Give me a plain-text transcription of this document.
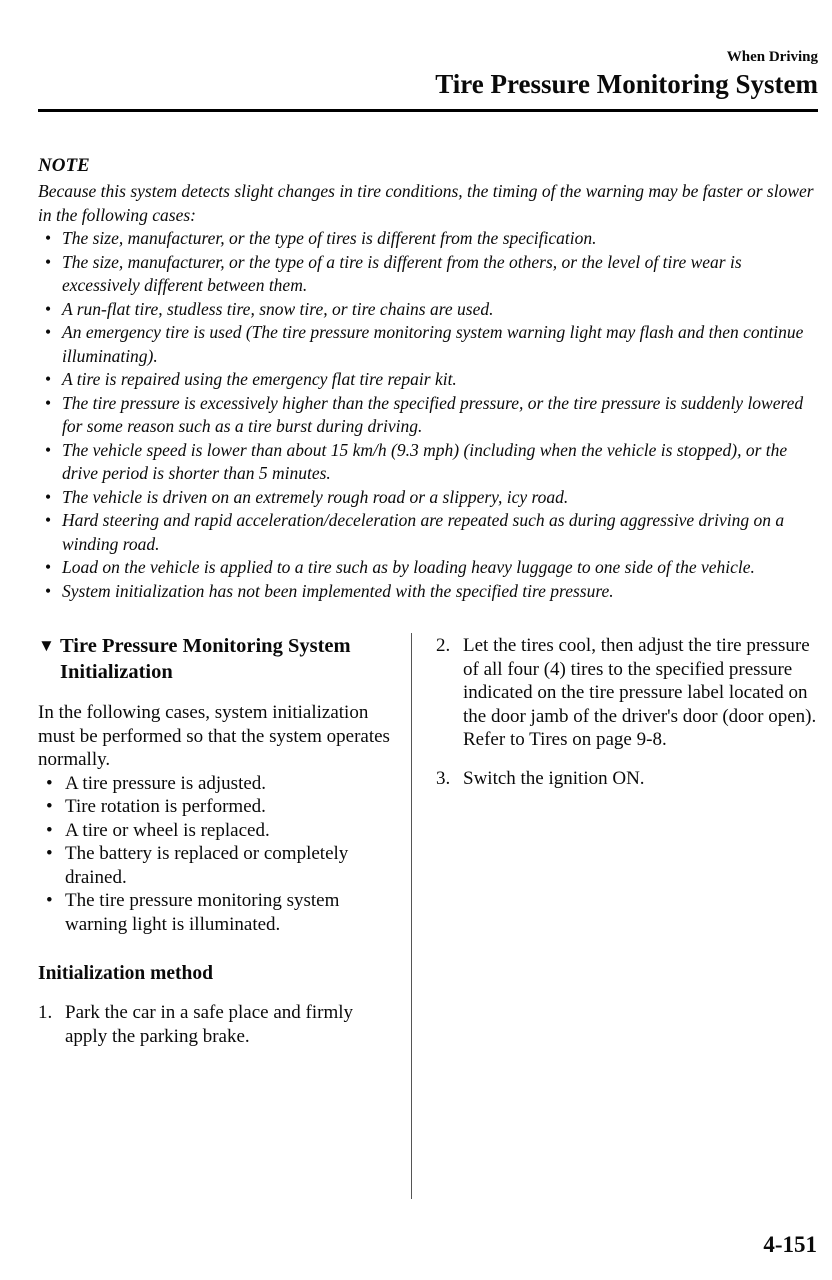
When Driving
Tire Pressure Monitoring System
NOTE
Because this system detects slight changes in tire conditions, the timing of the warning may be faster or slower in the following cases:
• The size, manufacturer, or the type of tires is different from the specification.
• The size, manufacturer, or the type of a tire is different from the others, or the level of tire wear is excessively different between them.
• A run-flat tire, studless tire, snow tire, or tire chains are used.
• An emergency tire is used (The tire pressure monitoring system warning light may flash and then continue illuminating).
• A tire is repaired using the emergency flat tire repair kit.
• The tire pressure is excessively higher than the specified pressure, or the tire pressure is suddenly lowered for some reason such as a tire burst during driving.
• The vehicle speed is lower than about 15 km/h (9.3 mph) (including when the vehicle is stopped), or the drive period is shorter than 5 minutes.
• The vehicle is driven on an extremely rough road or a slippery, icy road.
• Hard steering and rapid acceleration/deceleration are repeated such as during aggressive driving on a winding road.
• Load on the vehicle is applied to a tire such as by loading heavy luggage to one side of the vehicle.
• System initialization has not been implemented with the specified tire pressure.
▼ Tire Pressure Monitoring System Initialization
In the following cases, system initialization must be performed so that the system operates normally.
• A tire pressure is adjusted.
• Tire rotation is performed.
• A tire or wheel is replaced.
• The battery is replaced or completely drained.
• The tire pressure monitoring system warning light is illuminated.
Initialization method
1. Park the car in a safe place and firmly apply the parking brake.
2. Let the tires cool, then adjust the tire pressure of all four (4) tires to the specified pressure indicated on the tire pressure label located on the door jamb of the driver's door (door open). Refer to Tires on page 9-8.
3. Switch the ignition ON.
4-151
